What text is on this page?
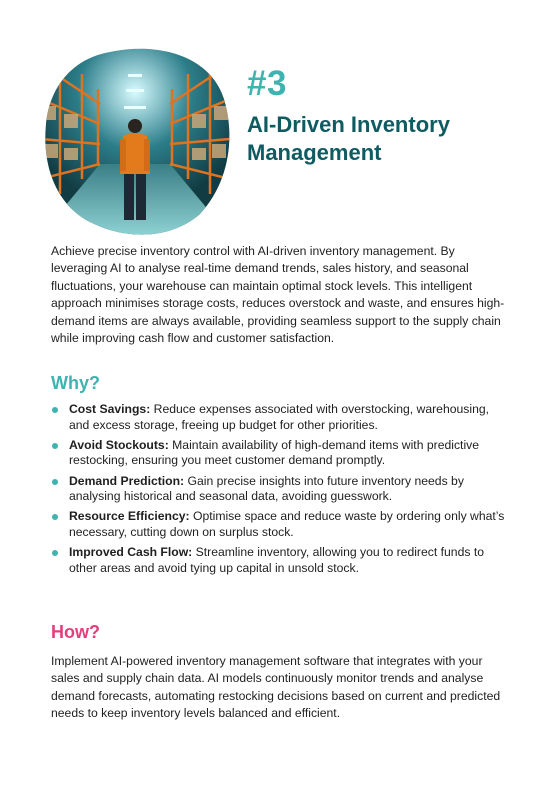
#3
AI-Driven Inventory Management

Achieve precise inventory control with AI-driven inventory management. By leveraging AI to analyse real-time demand trends, sales history, and seasonal fluctuations, your warehouse can maintain optimal stock levels. This intelligent approach minimises storage costs, reduces overstock and waste, and ensures high-demand items are always available, providing seamless support to the supply chain while improving cash flow and customer satisfaction.

Why?
Cost Savings: Reduce expenses associated with overstocking, warehousing, and excess storage, freeing up budget for other priorities.
Avoid Stockouts: Maintain availability of high-demand items with predictive restocking, ensuring you meet customer demand promptly.
Demand Prediction: Gain precise insights into future inventory needs by analysing historical and seasonal data, avoiding guesswork.
Resource Efficiency: Optimise space and reduce waste by ordering only what’s necessary, cutting down on surplus stock.
Improved Cash Flow: Streamline inventory, allowing you to redirect funds to other areas and avoid tying up capital in unsold stock.
How?

Implement AI-powered inventory management software that integrates with your sales and supply chain data. AI models continuously monitor trends and analyse demand forecasts, automating restocking decisions based on current and predicted needs to keep inventory levels balanced and efficient.
